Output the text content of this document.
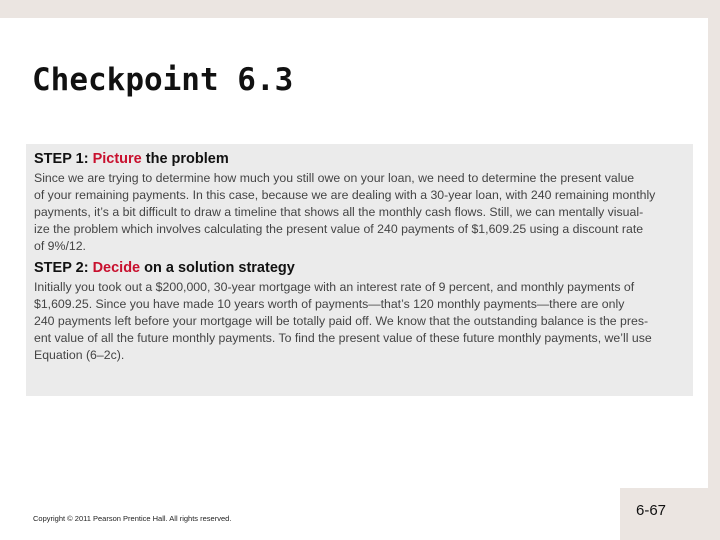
Checkpoint 6.3

STEP 1: Picture the problem

Since we are trying to determine how much you still owe on your loan, we need to determine the present value
of your remaining payments. In this case, because we are dealing with a 30-year loan, with 240 remaining monthly
payments, it’s a bit difficult to draw a timeline that shows all the monthly cash flows. Still, we can mentally visual-
ize the problem which involves calculating the present value of 240 payments of $1,609.25 using a discount rate
of 9%/12.

STEP 2: Decide on a solution strategy

Initially you took out a $200,000, 30-year mortgage with an interest rate of 9 percent, and monthly payments of
$1,609.25. Since you have made 10 years worth of payments—that’s 120 monthly payments—there are only
240 payments left before your mortgage will be totally paid off. We know that the outstanding balance is the pres-
ent value of all the future monthly payments. To find the present value of these future monthly payments, we’ll use
Equation (6–2c).

Copyright © 2011 Pearson Prentice Hall. All rights reserved.	6-67
